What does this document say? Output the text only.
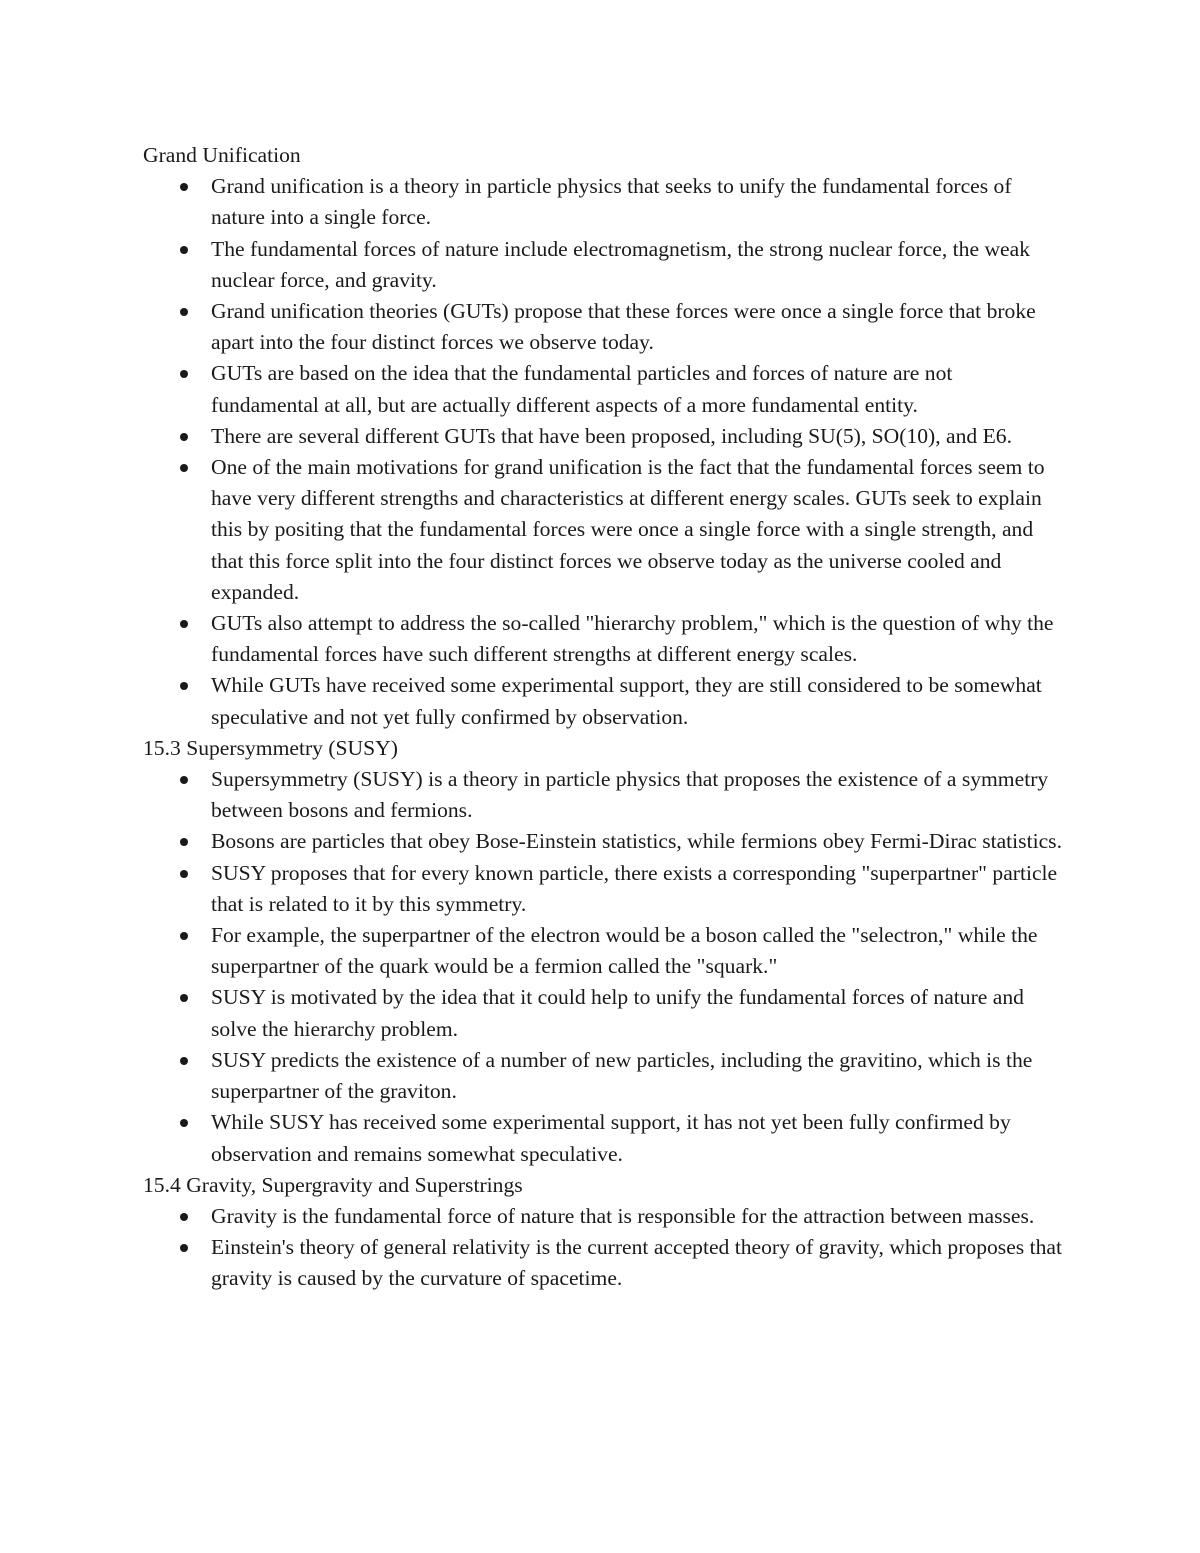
Grand Unification

Grand unification is a theory in particle physics that seeks to unify the fundamental forces of nature into a single force.
The fundamental forces of nature include electromagnetism, the strong nuclear force, the weak nuclear force, and gravity.
Grand unification theories (GUTs) propose that these forces were once a single force that broke apart into the four distinct forces we observe today.
GUTs are based on the idea that the fundamental particles and forces of nature are not fundamental at all, but are actually different aspects of a more fundamental entity.
There are several different GUTs that have been proposed, including SU(5), SO(10), and E6.
One of the main motivations for grand unification is the fact that the fundamental forces seem to have very different strengths and characteristics at different energy scales. GUTs seek to explain this by positing that the fundamental forces were once a single force with a single strength, and that this force split into the four distinct forces we observe today as the universe cooled and expanded.
GUTs also attempt to address the so-called "hierarchy problem," which is the question of why the fundamental forces have such different strengths at different energy scales.
While GUTs have received some experimental support, they are still considered to be somewhat speculative and not yet fully confirmed by observation.

15.3 Supersymmetry (SUSY)

Supersymmetry (SUSY) is a theory in particle physics that proposes the existence of a symmetry between bosons and fermions.
Bosons are particles that obey Bose-Einstein statistics, while fermions obey Fermi-Dirac statistics.
SUSY proposes that for every known particle, there exists a corresponding "superpartner" particle that is related to it by this symmetry.
For example, the superpartner of the electron would be a boson called the "selectron," while the superpartner of the quark would be a fermion called the "squark."
SUSY is motivated by the idea that it could help to unify the fundamental forces of nature and solve the hierarchy problem.
SUSY predicts the existence of a number of new particles, including the gravitino, which is the superpartner of the graviton.
While SUSY has received some experimental support, it has not yet been fully confirmed by observation and remains somewhat speculative.

15.4 Gravity, Supergravity and Superstrings

Gravity is the fundamental force of nature that is responsible for the attraction between masses.
Einstein's theory of general relativity is the current accepted theory of gravity, which proposes that gravity is caused by the curvature of spacetime.
